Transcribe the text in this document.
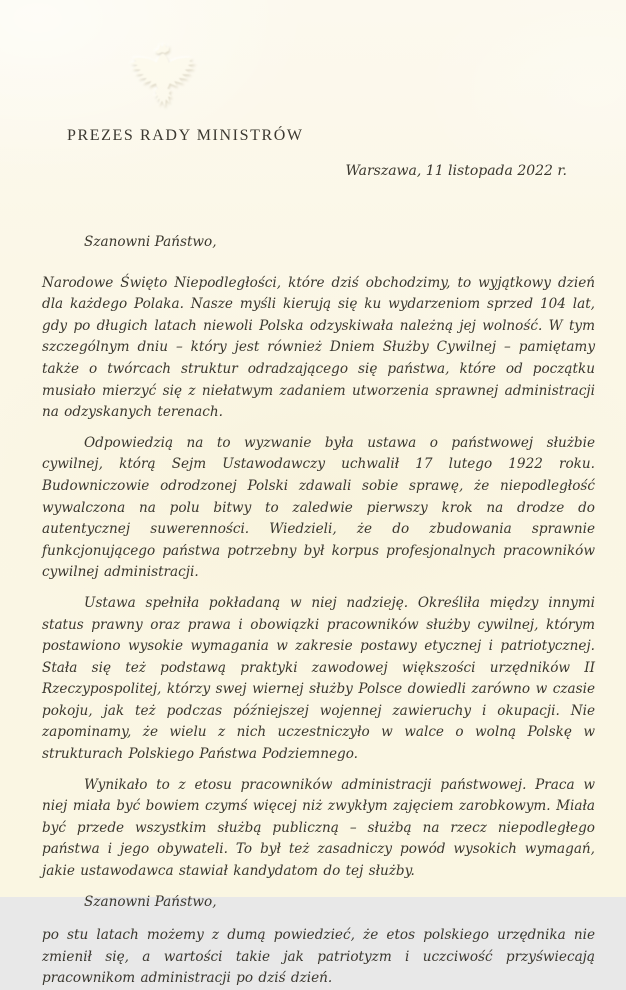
PREZES RADY MINISTRÓW
Warszawa, 11 listopada 2022 r.

Szanowni Państwo,

Narodowe Święto Niepodległości, które dziś obchodzimy, to wyjątkowy dzień dla każdego Polaka. Nasze myśli kierują się ku wydarzeniom sprzed 104 lat, gdy po długich latach niewoli Polska odzyskiwała należną jej wolność. W tym szczególnym dniu – który jest również Dniem Służby Cywilnej – pamiętamy także o twórcach struktur odradzającego się państwa, które od początku musiało mierzyć się z niełatwym zadaniem utworzenia sprawnej administracji na odzyskanych terenach.

Odpowiedzią na to wyzwanie była ustawa o państwowej służbie cywilnej, którą Sejm Ustawodawczy uchwalił 17 lutego 1922 roku. Budowniczowie odrodzonej Polski zdawali sobie sprawę, że niepodległość wywalczona na polu bitwy to zaledwie pierwszy krok na drodze do autentycznej suwerenności. Wiedzieli, że do zbudowania sprawnie funkcjonującego państwa potrzebny był korpus profesjonalnych pracowników cywilnej administracji.

Ustawa spełniła pokładaną w niej nadzieję. Określiła między innymi status prawny oraz prawa i obowiązki pracowników służby cywilnej, którym postawiono wysokie wymagania w zakresie postawy etycznej i patriotycznej. Stała się też podstawą praktyki zawodowej większości urzędników II Rzeczypospolitej, którzy swej wiernej służby Polsce dowiedli zarówno w czasie pokoju, jak też podczas późniejszej wojennej zawieruchy i okupacji. Nie zapominamy, że wielu z nich uczestniczyło w walce o wolną Polskę w strukturach Polskiego Państwa Podziemnego.

Wynikało to z etosu pracowników administracji państwowej. Praca w niej miała być bowiem czymś więcej niż zwykłym zajęciem zarobkowym. Miała być przede wszystkim służbą publiczną – służbą na rzecz niepodległego państwa i jego obywateli. To był też zasadniczy powód wysokich wymagań, jakie ustawodawca stawiał kandydatom do tej służby.

Szanowni Państwo,

po stu latach możemy z dumą powiedzieć, że etos polskiego urzędnika nie zmienił się, a wartości takie jak patriotyzm i uczciwość przyświecają pracownikom administracji po dziś dzień.
